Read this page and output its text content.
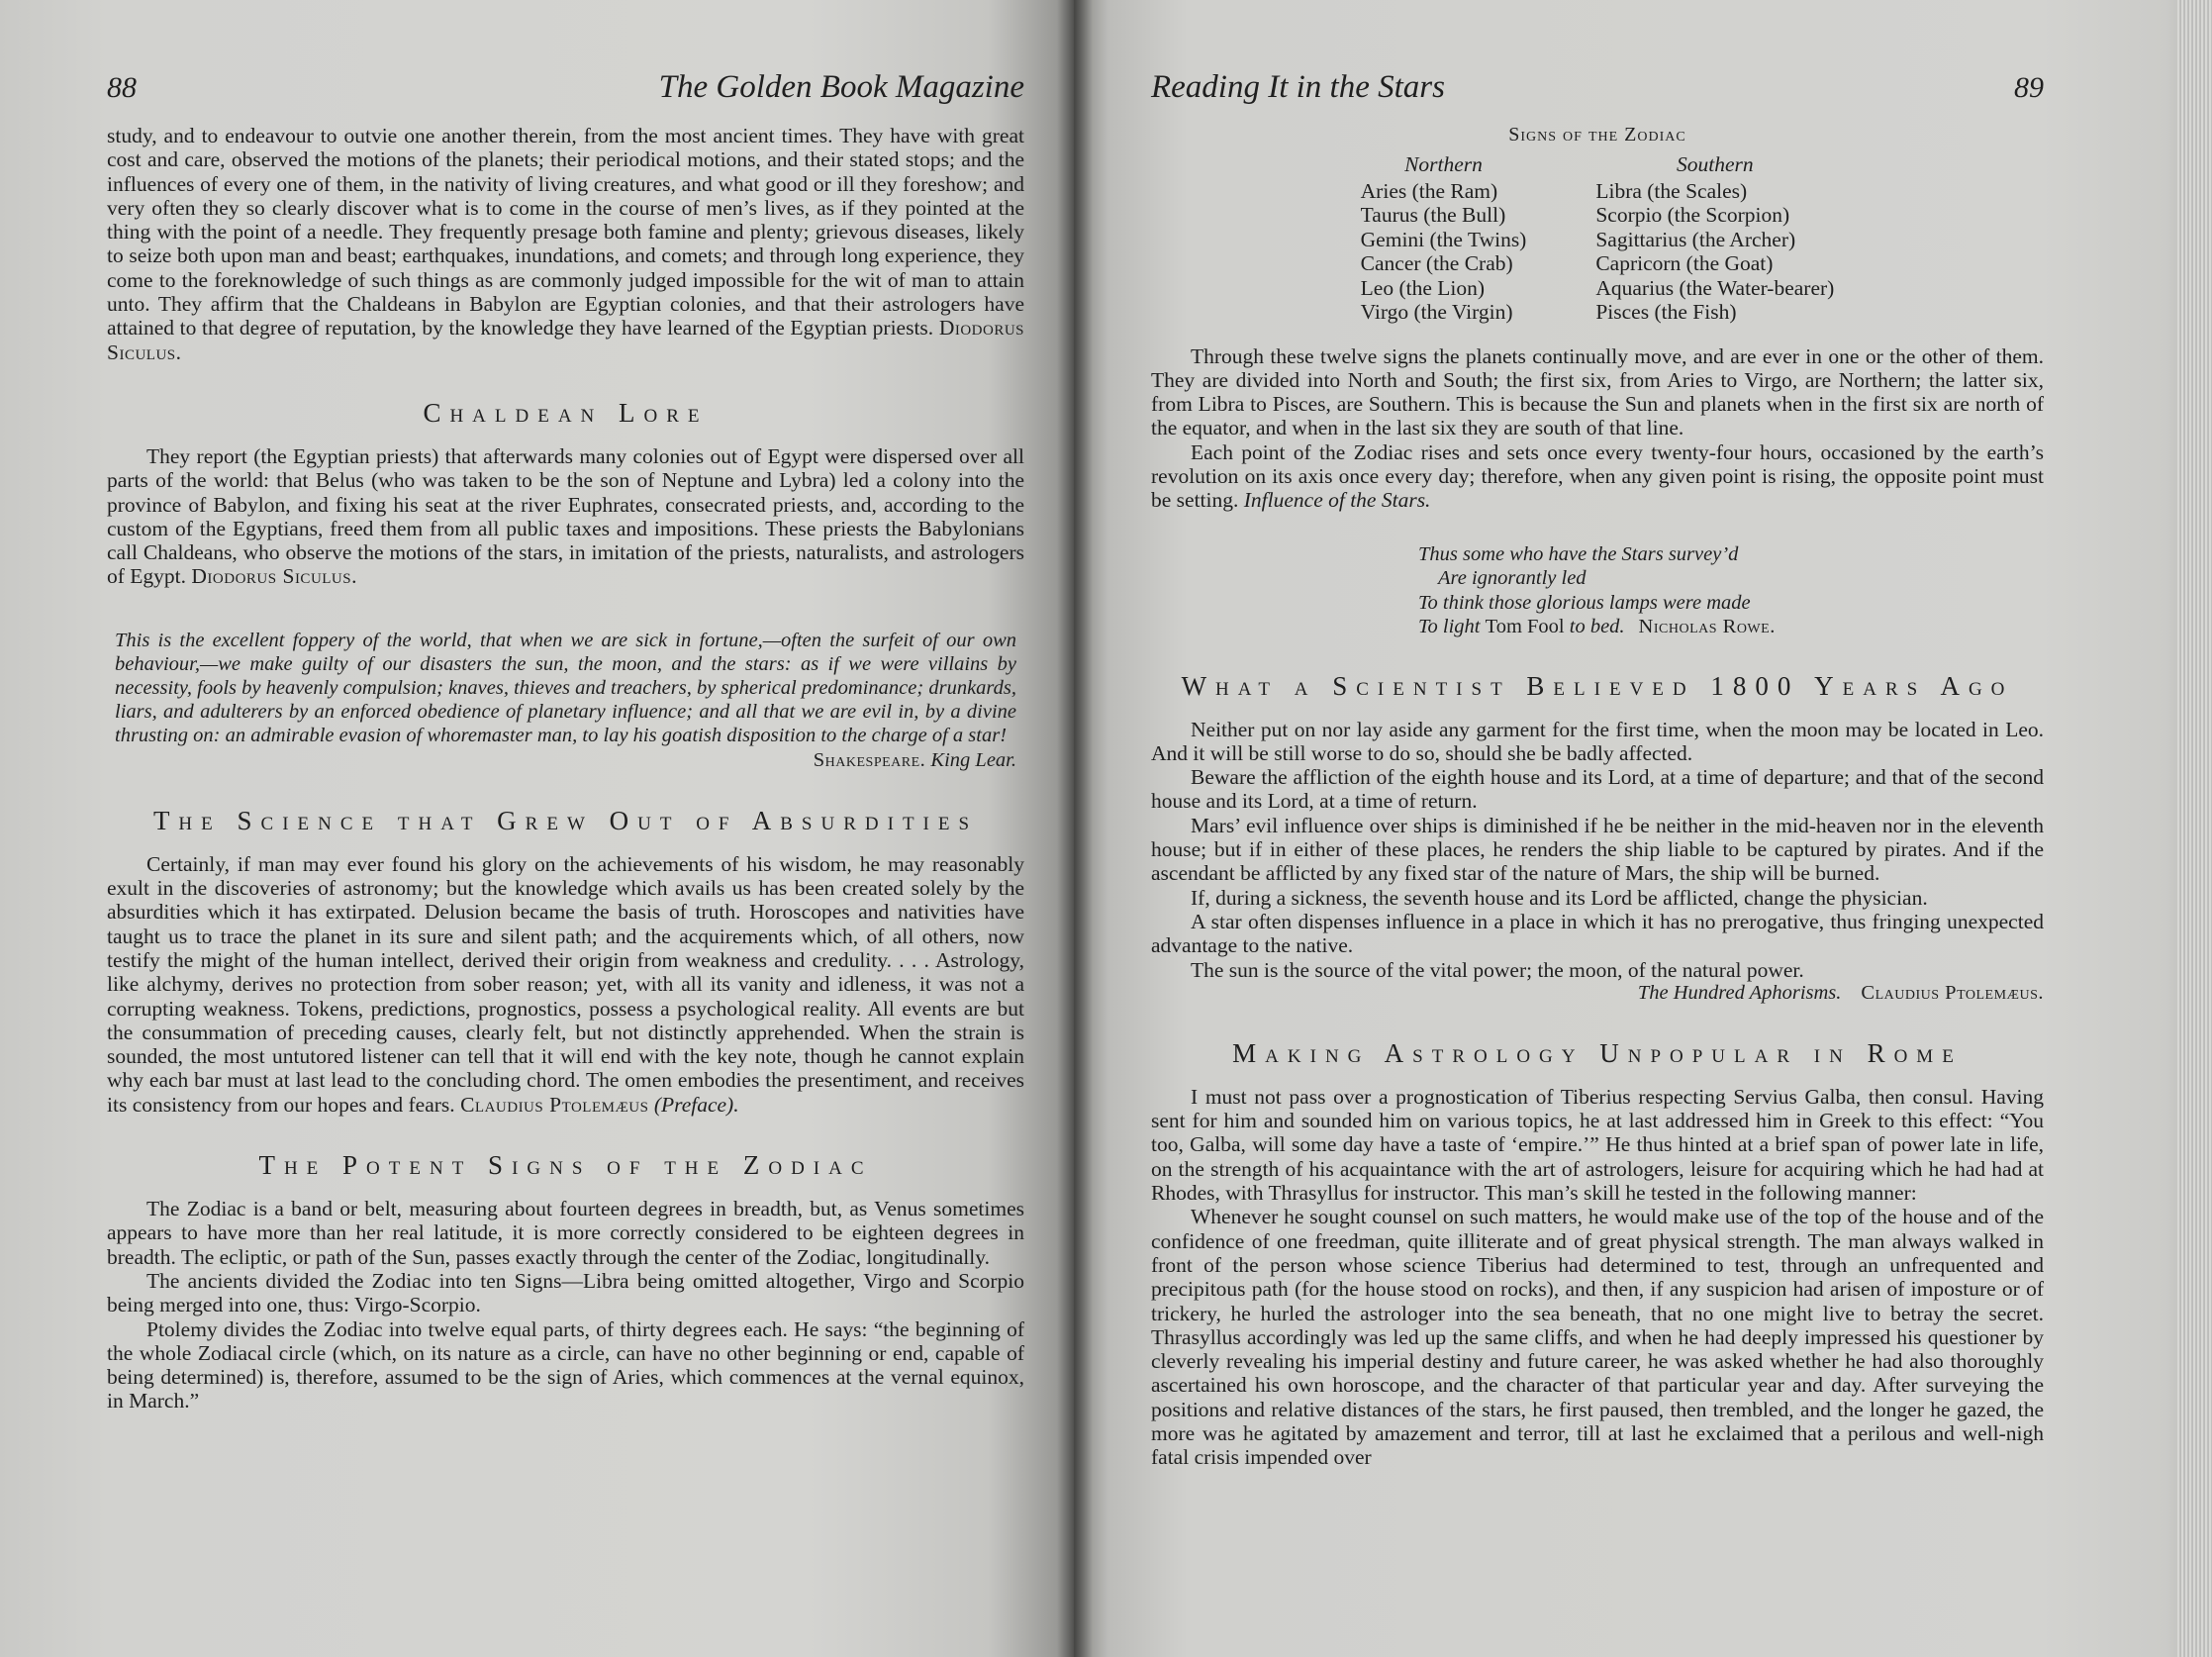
88	The Golden Book Magazine

study, and to endeavour to outvie one another therein, from the most ancient times. They have with great cost and care, observed the motions of the planets; their periodical motions, and their stated stops; and the influences of every one of them, in the nativity of living creatures, and what good or ill they foreshow; and very often they so clearly discover what is to come in the course of men’s lives, as if they pointed at the thing with the point of a needle. They frequently presage both famine and plenty; grievous diseases, likely to seize both upon man and beast; earthquakes, inundations, and comets; and through long experience, they come to the foreknowledge of such things as are commonly judged impossible for the wit of man to attain unto. They affirm that the Chaldeans in Babylon are Egyptian colonies, and that their astrologers have attained to that degree of reputation, by the knowledge they have learned of the Egyptian priests. Diodorus Siculus.

Chaldean Lore

They report (the Egyptian priests) that afterwards many colonies out of Egypt were dispersed over all parts of the world: that Belus (who was taken to be the son of Neptune and Lybra) led a colony into the province of Babylon, and fixing his seat at the river Euphrates, consecrated priests, and, according to the custom of the Egyptians, freed them from all public taxes and impositions. These priests the Babylonians call Chaldeans, who observe the motions of the stars, in imitation of the priests, naturalists, and astrologers of Egypt. Diodorus Siculus.

This is the excellent foppery of the world, that when we are sick in fortune,—often the surfeit of our own behaviour,—we make guilty of our disasters the sun, the moon, and the stars: as if we were villains by necessity, fools by heavenly compulsion; knaves, thieves and treachers, by spherical predominance; drunkards, liars, and adulterers by an enforced obedience of planetary influence; and all that we are evil in, by a divine thrusting on: an admirable evasion of whoremaster man, to lay his goatish disposition to the charge of a star!
Shakespeare. King Lear.
The Science that Grew Out of Absurdities

Certainly, if man may ever found his glory on the achievements of his wisdom, he may reasonably exult in the discoveries of astronomy; but the knowledge which avails us has been created solely by the absurdities which it has extirpated. Delusion became the basis of truth. Horoscopes and nativities have taught us to trace the planet in its sure and silent path; and the acquirements which, of all others, now testify the might of the human intellect, derived their origin from weakness and credulity. . . . Astrology, like alchymy, derives no protection from sober reason; yet, with all its vanity and idleness, it was not a corrupting weakness. Tokens, predictions, prognostics, possess a psychological reality. All events are but the consummation of preceding causes, clearly felt, but not distinctly apprehended. When the strain is sounded, the most untutored listener can tell that it will end with the key note, though he cannot explain why each bar must at last lead to the concluding chord. The omen embodies the presentiment, and receives its consistency from our hopes and fears. Claudius Ptolemæus (Preface).

The Potent Signs of the Zodiac

The Zodiac is a band or belt, measuring about fourteen degrees in breadth, but, as Venus sometimes appears to have more than her real latitude, it is more correctly considered to be eighteen degrees in breadth. The ecliptic, or path of the Sun, passes exactly through the center of the Zodiac, longitudinally.

The ancients divided the Zodiac into ten Signs—Libra being omitted altogether, Virgo and Scorpio being merged into one, thus: Virgo-Scorpio.

Ptolemy divides the Zodiac into twelve equal parts, of thirty degrees each. He says: “the beginning of the whole Zodiacal circle (which, on its nature as a circle, can have no other beginning or end, capable of being determined) is, therefore, assumed to be the sign of Aries, which commences at the vernal equinox, in March.”

Reading It in the Stars	89
Signs of the Zodiac
Northern
Aries (the Ram)
Taurus (the Bull)
Gemini (the Twins)
Cancer (the Crab)
Leo (the Lion)
Virgo (the Virgin)
Southern
Libra (the Scales)
Scorpio (the Scorpion)
Sagittarius (the Archer)
Capricorn (the Goat)
Aquarius (the Water-bearer)
Pisces (the Fish)

Through these twelve signs the planets continually move, and are ever in one or the other of them. They are divided into North and South; the first six, from Aries to Virgo, are Northern; the latter six, from Libra to Pisces, are Southern. This is because the Sun and planets when in the first six are north of the equator, and when in the last six they are south of that line.

Each point of the Zodiac rises and sets once every twenty-four hours, occasioned by the earth’s revolution on its axis once every day; therefore, when any given point is rising, the opposite point must be setting. Influence of the Stars.

Thus some who have the Stars survey’d
Are ignorantly led
To think those glorious lamps were made
To light Tom Fool to bed. Nicholas Rowe.
What a Scientist Believed 1800 Years Ago

Neither put on nor lay aside any garment for the first time, when the moon may be located in Leo. And it will be still worse to do so, should she be badly affected.

Beware the affliction of the eighth house and its Lord, at a time of departure; and that of the second house and its Lord, at a time of return.

Mars’ evil influence over ships is diminished if he be neither in the mid-heaven nor in the eleventh house; but if in either of these places, he renders the ship liable to be captured by pirates. And if the ascendant be afflicted by any fixed star of the nature of Mars, the ship will be burned.

If, during a sickness, the seventh house and its Lord be afflicted, change the physician.

A star often dispenses influence in a place in which it has no prerogative, thus fringing unexpected advantage to the native.

The sun is the source of the vital power; the moon, of the natural power.

The Hundred Aphorisms. Claudius Ptolemæus.
Making Astrology Unpopular in Rome

I must not pass over a prognostication of Tiberius respecting Servius Galba, then consul. Having sent for him and sounded him on various topics, he at last addressed him in Greek to this effect: “You too, Galba, will some day have a taste of ‘empire.’” He thus hinted at a brief span of power late in life, on the strength of his acquaintance with the art of astrologers, leisure for acquiring which he had had at Rhodes, with Thrasyllus for instructor. This man’s skill he tested in the following manner:

Whenever he sought counsel on such matters, he would make use of the top of the house and of the confidence of one freedman, quite illiterate and of great physical strength. The man always walked in front of the person whose science Tiberius had determined to test, through an unfrequented and precipitous path (for the house stood on rocks), and then, if any suspicion had arisen of imposture or of trickery, he hurled the astrologer into the sea beneath, that no one might live to betray the secret. Thrasyllus accordingly was led up the same cliffs, and when he had deeply impressed his questioner by cleverly revealing his imperial destiny and future career, he was asked whether he had also thoroughly ascertained his own horoscope, and the character of that particular year and day. After surveying the positions and relative distances of the stars, he first paused, then trembled, and the longer he gazed, the more was he agitated by amazement and terror, till at last he exclaimed that a perilous and well-nigh fatal crisis impended over
